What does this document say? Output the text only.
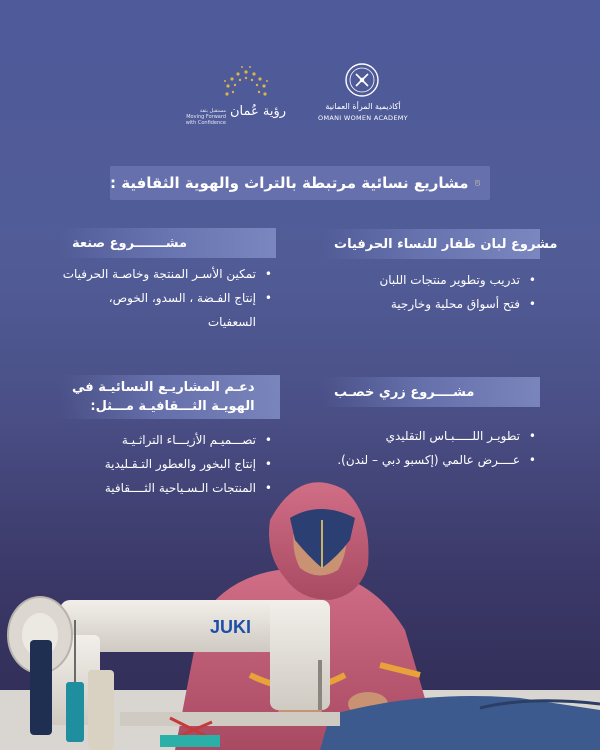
رؤية عُمان
مستقبل بثقة
Moving Forward
with Confidence
أكاديمية المرأة العمانية
OMANI WOMEN ACADEMY
مشاريع نسائية مرتبطة بالتراث والهوية الثقافية :
مشروع لبان ظفار للنساء الحرفيات
• تدريب وتطوير منتجات اللبان
• فتح أسواق محلية وخارجية
مشـــــــروع صنعة
• تمكين الأسـر المنتجة وخاصـة الحرفيات
• إنتاج الفـضة ، السدو، الخوص، السعفيات
مشــــروع زري خصـب
• تطويـر اللـــــبـاس التقليدي
• عــــرض عالمي (إكسبو دبي – لندن).
دعـم المشاريـع النسائيـة في
الهويـة الثـــقافيـة مـــثل:
• تصـــميـم الأزيـــاء التراثـيـة
• إنتاج البخور والعطور التـقـليدية
• المنتجات الـسـياحية الثــــقافية
JUKI
